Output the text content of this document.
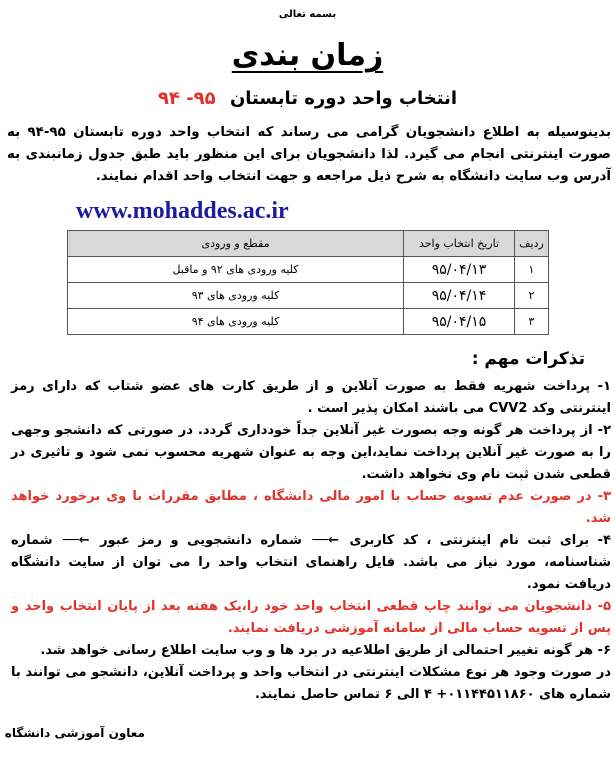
بسمه تعالی
زمان بندی
انتخاب واحد دوره تابستان ۹۵- ۹۴
بدینوسیله به اطلاع دانشجویان گرامی می رساند که انتخاب واحد دوره تابستان ۹۵-۹۴ به صورت اینترنتی انجام می گیرد. لذا دانشجویان برای این منظور باید طبق جدول زمانبندی به آدرس وب سایت دانشگاه به شرح ذیل مراجعه و جهت انتخاب واحد اقدام نمایند.
www.mohaddes.ac.ir
ردیف	تاریخ انتخاب واحد	مقطع و ورودی
۱	۹۵/۰۴/۱۳	کلیه ورودی های ۹۲ و ماقبل
۲	۹۵/۰۴/۱۴	کلیه ورودی های ۹۳
۳	۹۵/۰۴/۱۵	کلیه ورودی های ۹۴
تذکرات مهم :

۱- پرداخت شهریه فقط به صورت آنلاین و از طریق کارت های عضو شتاب که دارای رمز اینترنتی وکد CVV2 می باشند امکان پذیر است .

۲- از پرداخت هر گونه وجه بصورت غیر آنلاین جداً خودداری گردد. در صورتی که دانشجو وجهی را به صورت غیر آنلاین پرداخت نماید،این وجه به عنوان شهریه محسوب نمی شود و تاثیری در قطعی شدن ثبت نام وی نخواهد داشت.

۳- در صورت عدم تسویه حساب با امور مالی دانشگاه ، مطابق مقررات با وی برخورد خواهد شد.

۴- برای ثبت نام اینترنتی ، کد کاربری ←── شماره دانشجویی و رمز عبور ←── شماره شناسنامه، مورد نیاز می باشد. فایل راهنمای انتخاب واحد را می توان از سایت دانشگاه دریافت نمود.

۵- دانشجویان می توانند چاپ قطعی انتخاب واحد خود را،یک هفته بعد از پایان انتخاب واحد و پس از تسویه حساب مالی از سامانه آموزشی دریافت نمایند.

۶- هر گونه تغییر احتمالی از طریق اطلاعیه در برد ها و وب سایت اطلاع رسانی خواهد شد.

در صورت وجود هر نوع مشکلات اینترنتی در انتخاب واحد و پرداخت آنلاین، دانشجو می توانند با شماره های ۰۱۱۴۴۵۱۱۸۶۰+ ۴ الی ۶ تماس حاصل نمایند.

معاون آموزشی دانشگاه
